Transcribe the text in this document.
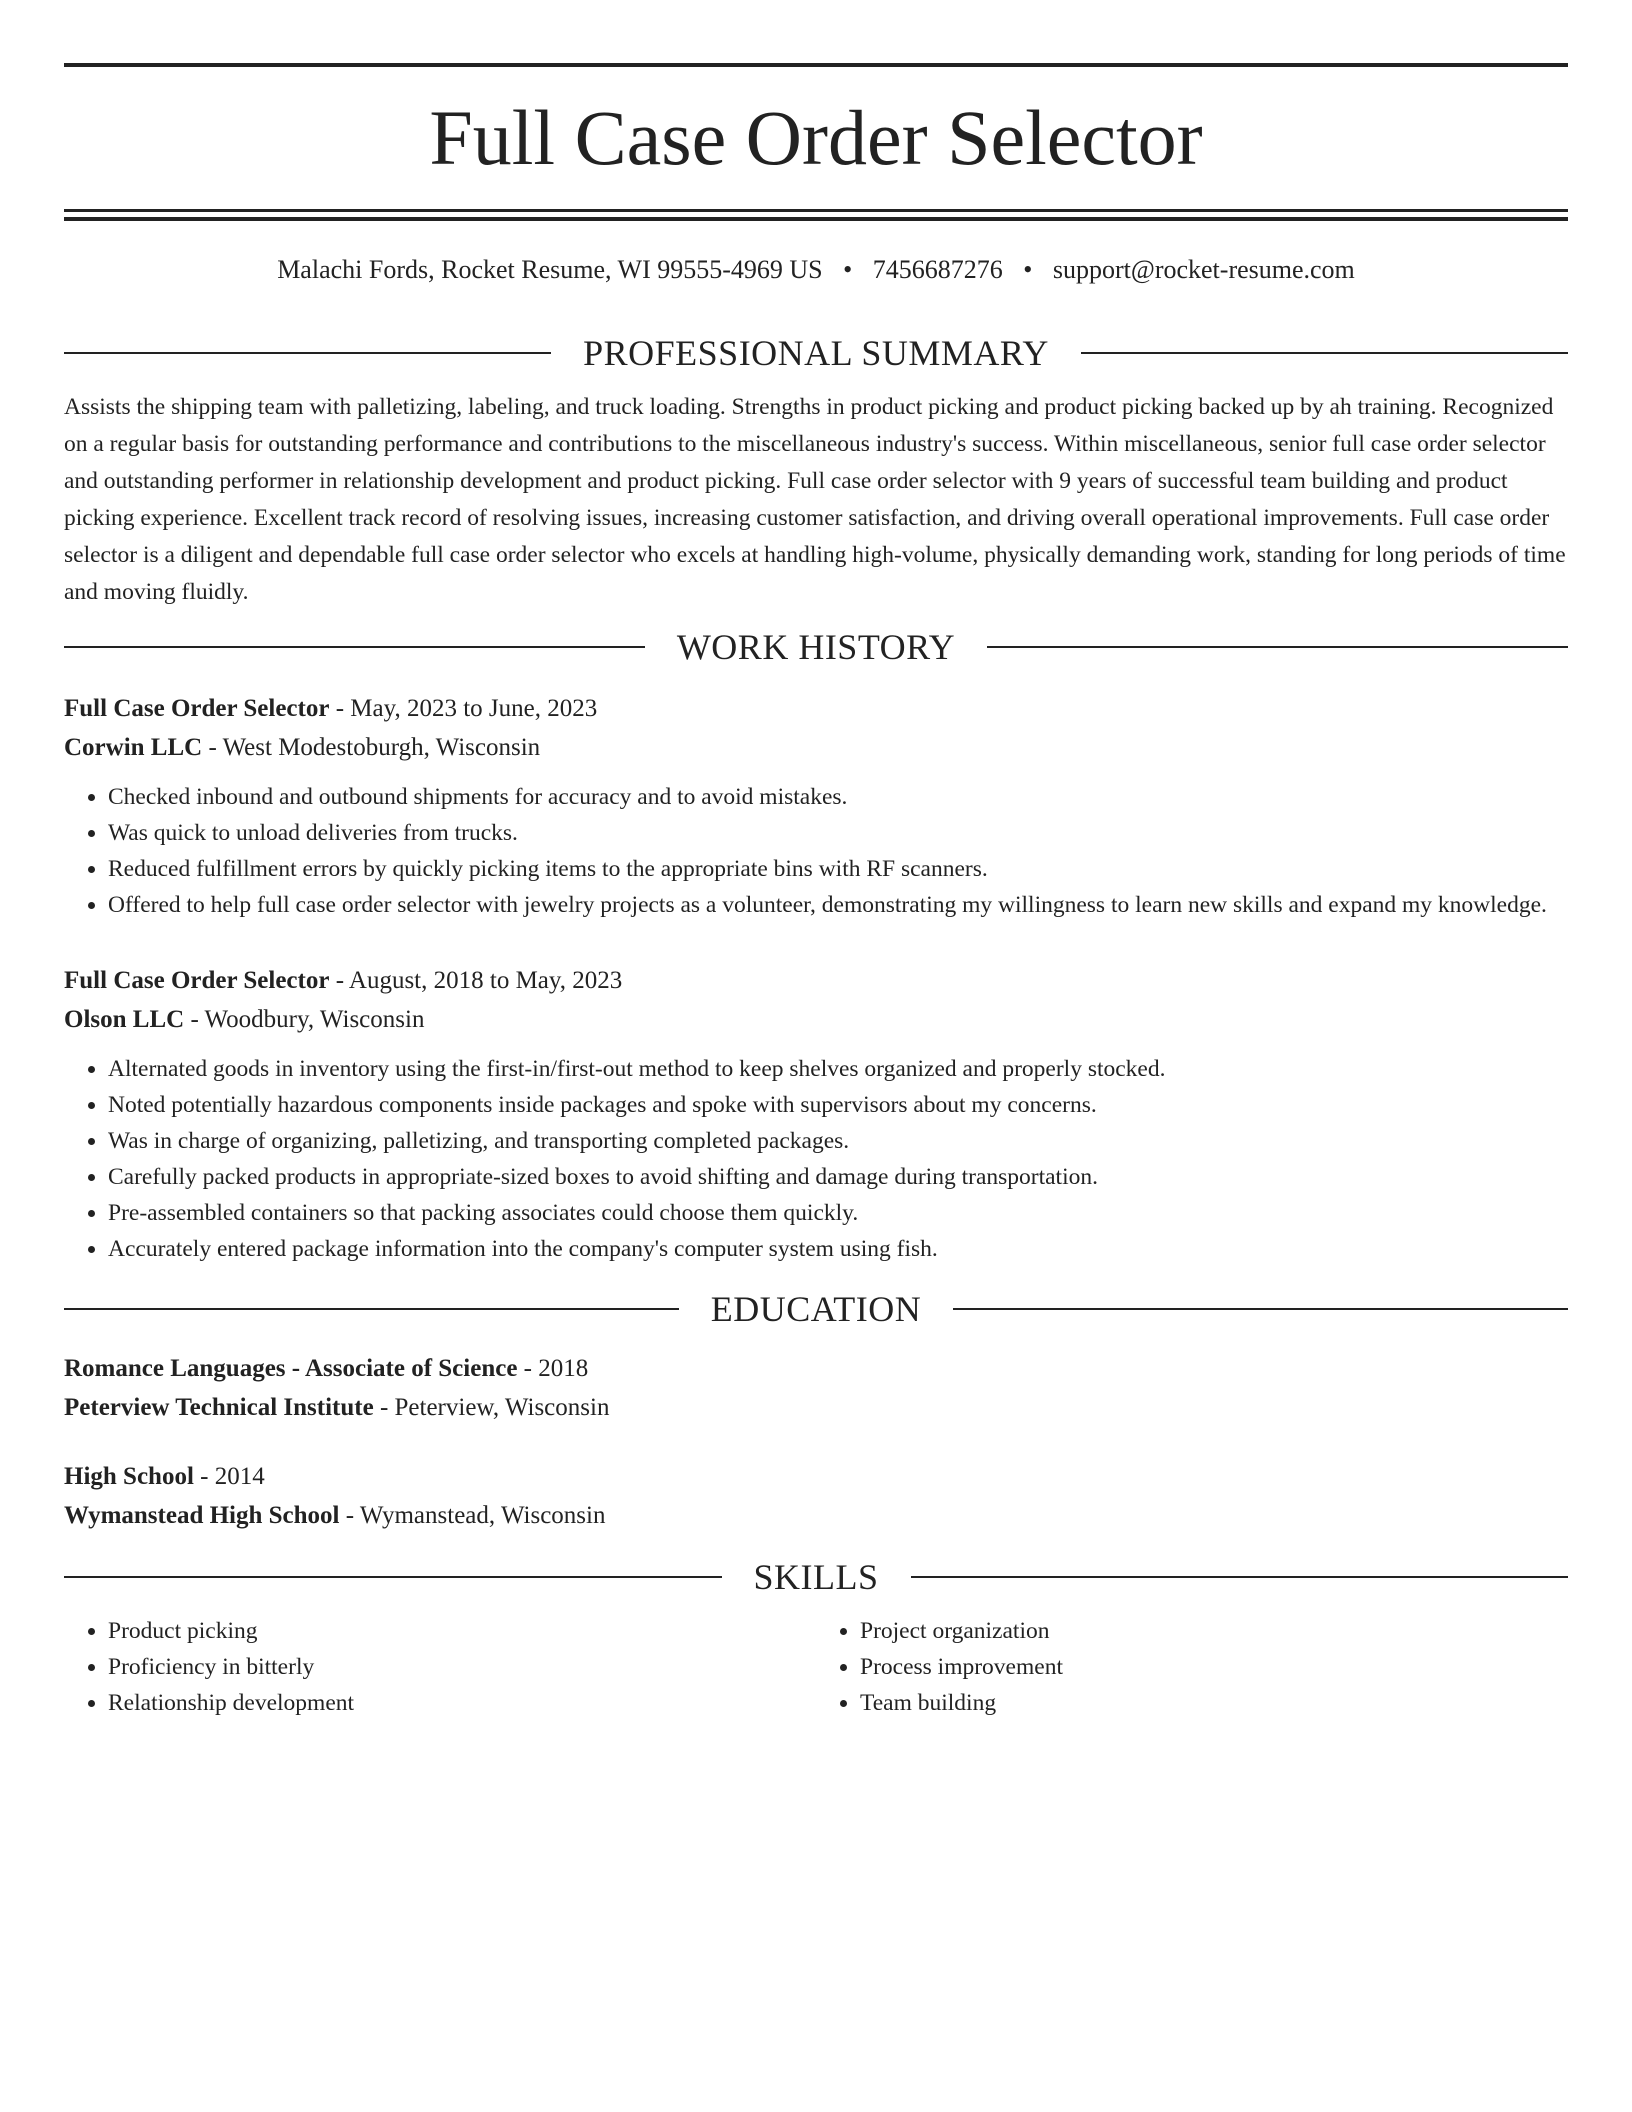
Full Case Order Selector
Malachi Fords, Rocket Resume, WI 99555-4969 US • 7456687276 • support@rocket-resume.com
PROFESSIONAL SUMMARY

Assists the shipping team with palletizing, labeling, and truck loading. Strengths in product picking and product picking backed up by ah training. Recognized on a regular basis for outstanding performance and contributions to the miscellaneous industry's success. Within miscellaneous, senior full case order selector and outstanding performer in relationship development and product picking. Full case order selector with 9 years of successful team building and product picking experience. Excellent track record of resolving issues, increasing customer satisfaction, and driving overall operational improvements. Full case order selector is a diligent and dependable full case order selector who excels at handling high-volume, physically demanding work, standing for long periods of time and moving fluidly.

WORK HISTORY
Full Case Order Selector - May, 2023 to June, 2023
Corwin LLC - West Modestoburgh, Wisconsin
• Checked inbound and outbound shipments for accuracy and to avoid mistakes.
• Was quick to unload deliveries from trucks.
• Reduced fulfillment errors by quickly picking items to the appropriate bins with RF scanners.
• Offered to help full case order selector with jewelry projects as a volunteer, demonstrating my willingness to learn new skills and expand my knowledge.
Full Case Order Selector - August, 2018 to May, 2023
Olson LLC - Woodbury, Wisconsin
• Alternated goods in inventory using the first-in/first-out method to keep shelves organized and properly stocked.
• Noted potentially hazardous components inside packages and spoke with supervisors about my concerns.
• Was in charge of organizing, palletizing, and transporting completed packages.
• Carefully packed products in appropriate-sized boxes to avoid shifting and damage during transportation.
• Pre-assembled containers so that packing associates could choose them quickly.
• Accurately entered package information into the company's computer system using fish.
EDUCATION
Romance Languages - Associate of Science - 2018
Peterview Technical Institute - Peterview, Wisconsin
High School - 2014
Wymanstead High School - Wymanstead, Wisconsin
SKILLS
• Product picking
• Proficiency in bitterly
• Relationship development
• Project organization
• Process improvement
• Team building
